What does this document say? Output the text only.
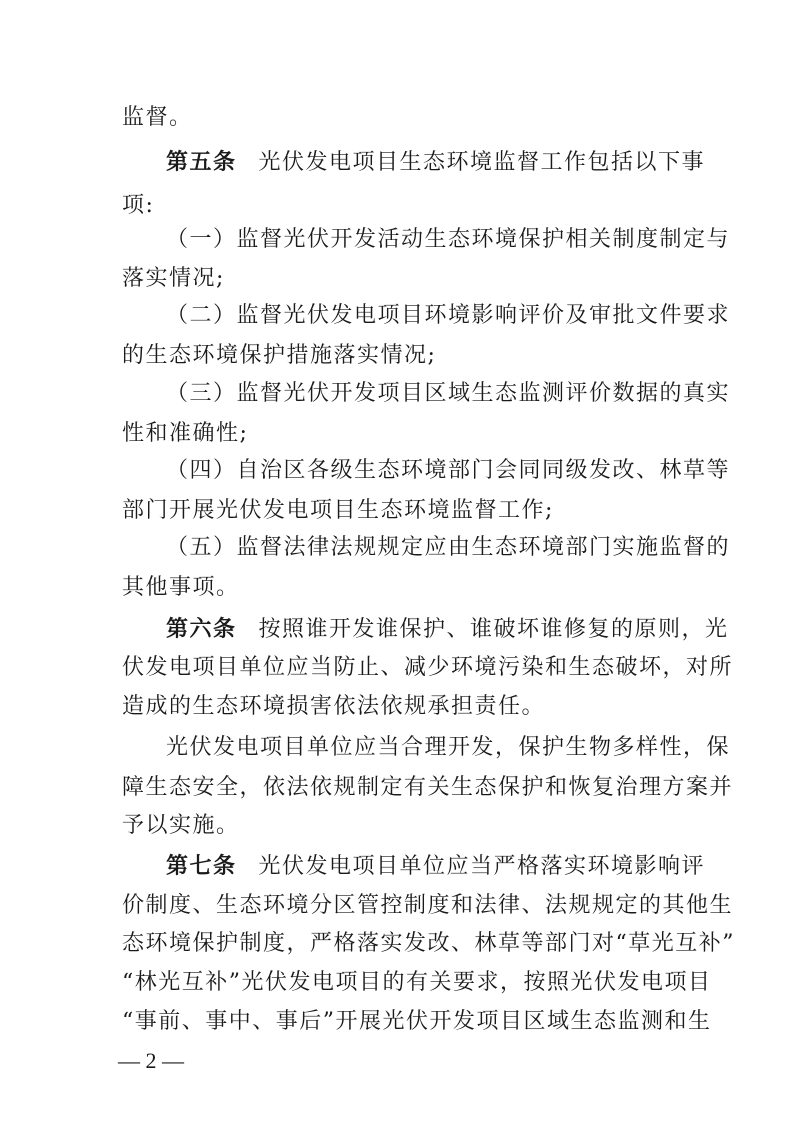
监督。
第五条 光伏发电项目生态环境监督工作包括以下事
项:
（一）监督光伏开发活动生态环境保护相关制度制定与
落实情况;
（二）监督光伏发电项目环境影响评价及审批文件要求
的生态环境保护措施落实情况;
（三）监督光伏开发项目区域生态监测评价数据的真实
性和准确性;
（四）自治区各级生态环境部门会同同级发改、林草等
部门开展光伏发电项目生态环境监督工作;
（五）监督法律法规规定应由生态环境部门实施监督的
其他事项。
第六条 按照谁开发谁保护、谁破坏谁修复的原则，光
伏发电项目单位应当防止、减少环境污染和生态破坏，对所
造成的生态环境损害依法依规承担责任。
光伏发电项目单位应当合理开发，保护生物多样性，保
障生态安全，依法依规制定有关生态保护和恢复治理方案并
予以实施。
第七条 光伏发电项目单位应当严格落实环境影响评
价制度、生态环境分区管控制度和法律、法规规定的其他生
态环境保护制度，严格落实发改、林草等部门对“草光互补”
“林光互补”光伏发电项目的有关要求，按照光伏发电项目
“事前、事中、事后”开展光伏开发项目区域生态监测和生
— 2 —
